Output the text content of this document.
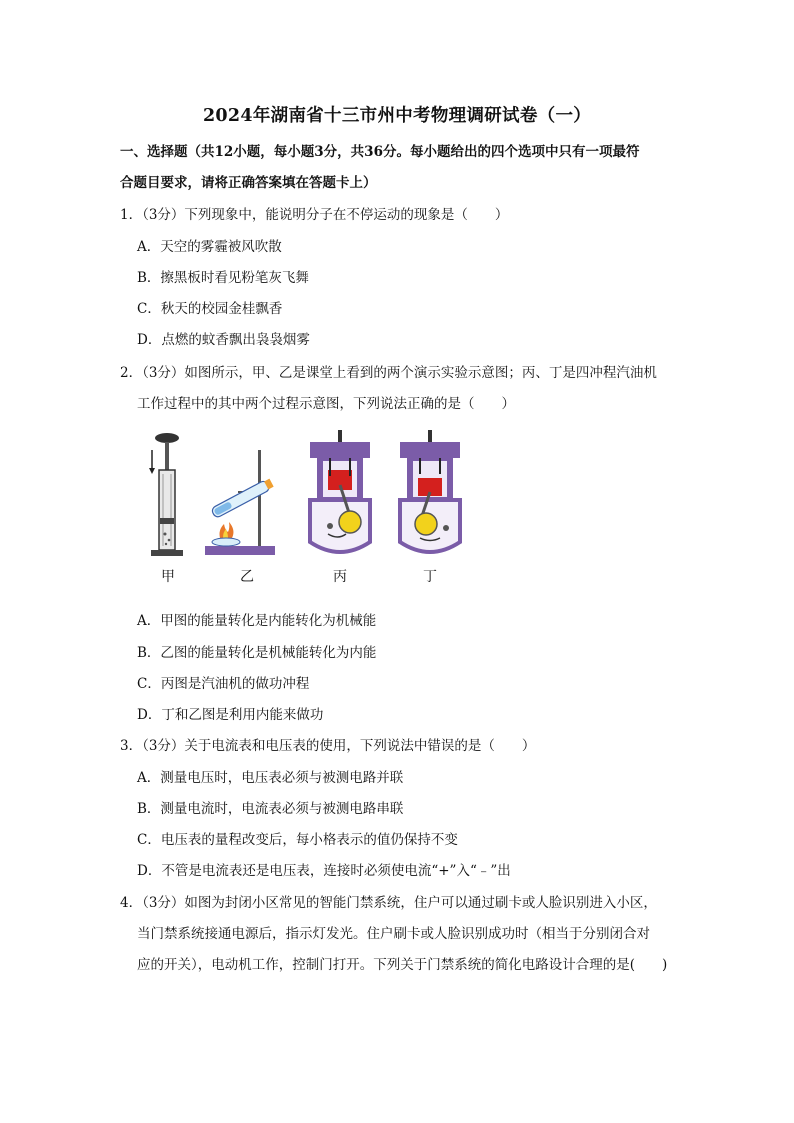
2024年湖南省十三市州中考物理调研试卷（一）
一、选择题（共12小题，每小题3分，共36分。每小题给出的四个选项中只有一项最符
合题目要求，请将正确答案填在答题卡上）
1．（3分）下列现象中，能说明分子在不停运动的现象是（　　）
A．天空的雾霾被风吹散
B．擦黑板时看见粉笔灰飞舞
C．秋天的校园金桂飘香
D．点燃的蚊香飘出袅袅烟雾
2．（3分）如图所示，甲、乙是课堂上看到的两个演示实验示意图；丙、丁是四冲程汽油机
工作过程中的其中两个过程示意图，下列说法正确的是（　　）
甲	乙	丙	丁
A．甲图的能量转化是内能转化为机械能
B．乙图的能量转化是机械能转化为内能
C．丙图是汽油机的做功冲程
D．丁和乙图是利用内能来做功
3．（3分）关于电流表和电压表的使用，下列说法中错误的是（　　）
A．测量电压时，电压表必须与被测电路并联
B．测量电流时，电流表必须与被测电路串联
C．电压表的量程改变后，每小格表示的值仍保持不变
D．不管是电流表还是电压表，连接时必须使电流“+”入“﹣”出
4．（3分）如图为封闭小区常见的智能门禁系统，住户可以通过刷卡或人脸识别进入小区，
当门禁系统接通电源后，指示灯发光。住户刷卡或人脸识别成功时（相当于分别闭合对
应的开关），电动机工作，控制门打开。下列关于门禁系统的简化电路设计合理的是(　　)
